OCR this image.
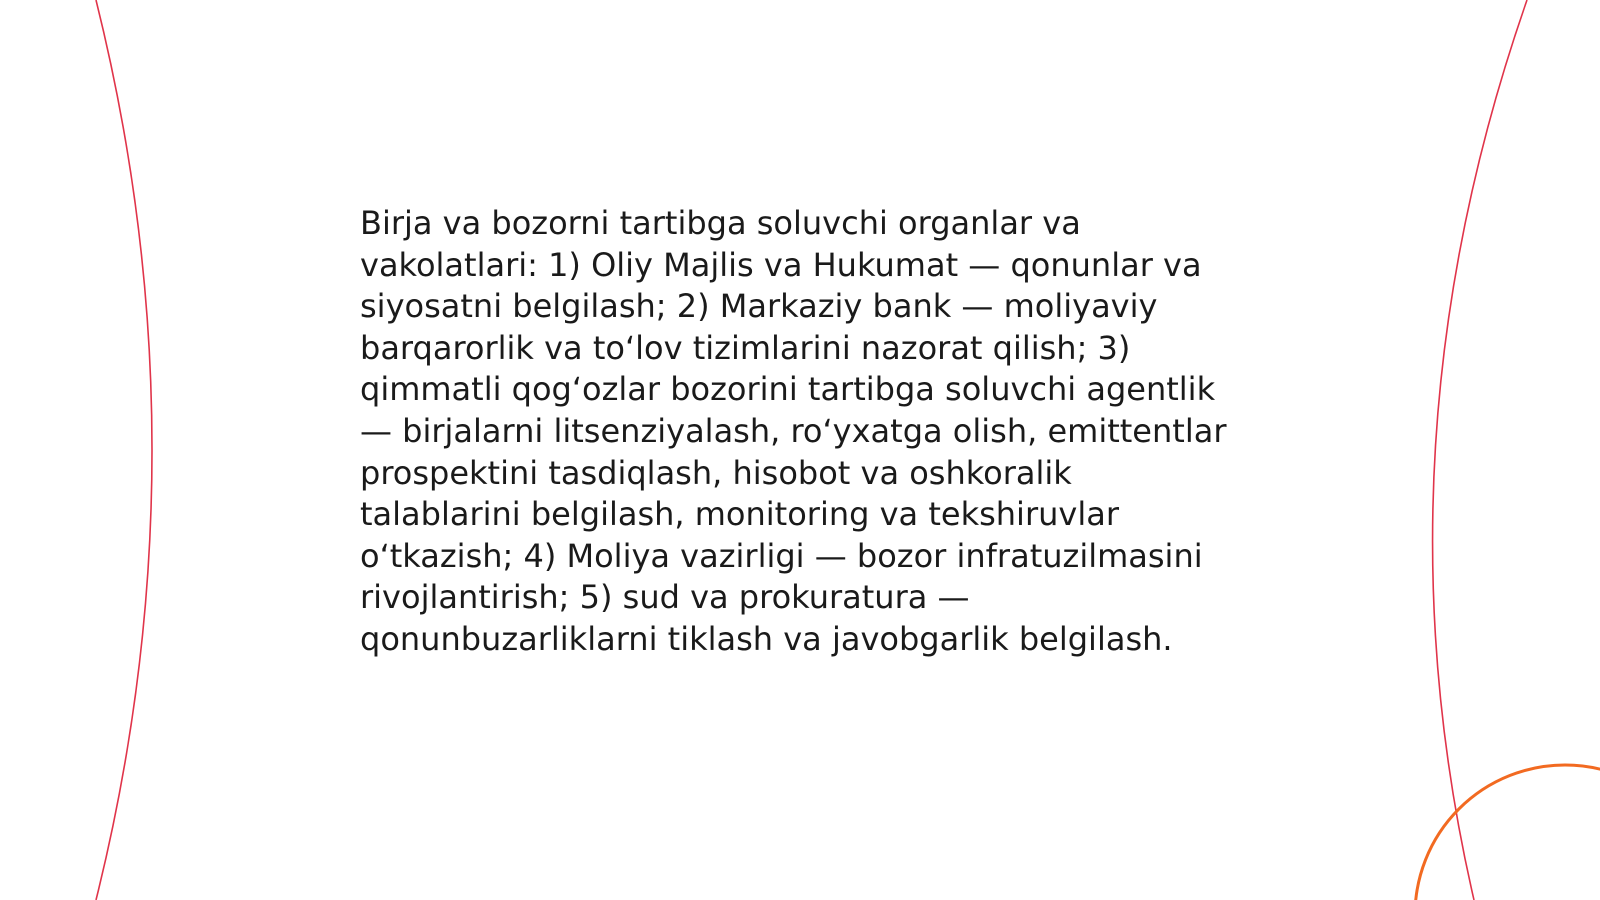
Birja va bozorni tartibga soluvchi organlar va vakolatlari: 1) Oliy Majlis va Hukumat — qonunlar va siyosatni belgilash; 2) Markaziy bank — moliyaviy barqarorlik va to‘lov tizimlarini nazorat qilish; 3) qimmatli qog‘ozlar bozorini tartibga soluvchi agentlik — birjalarni litsenziyalash, ro‘yxatga olish, emittentlar prospektini tasdiqlash, hisobot va oshkoralik talablarini belgilash, monitoring va tekshiruvlar o‘tkazish; 4) Moliya vazirligi — bozor infratuzilmasini rivojlantirish; 5) sud va prokuratura — qonunbuzarliklarni tiklash va javobgarlik belgilash.
